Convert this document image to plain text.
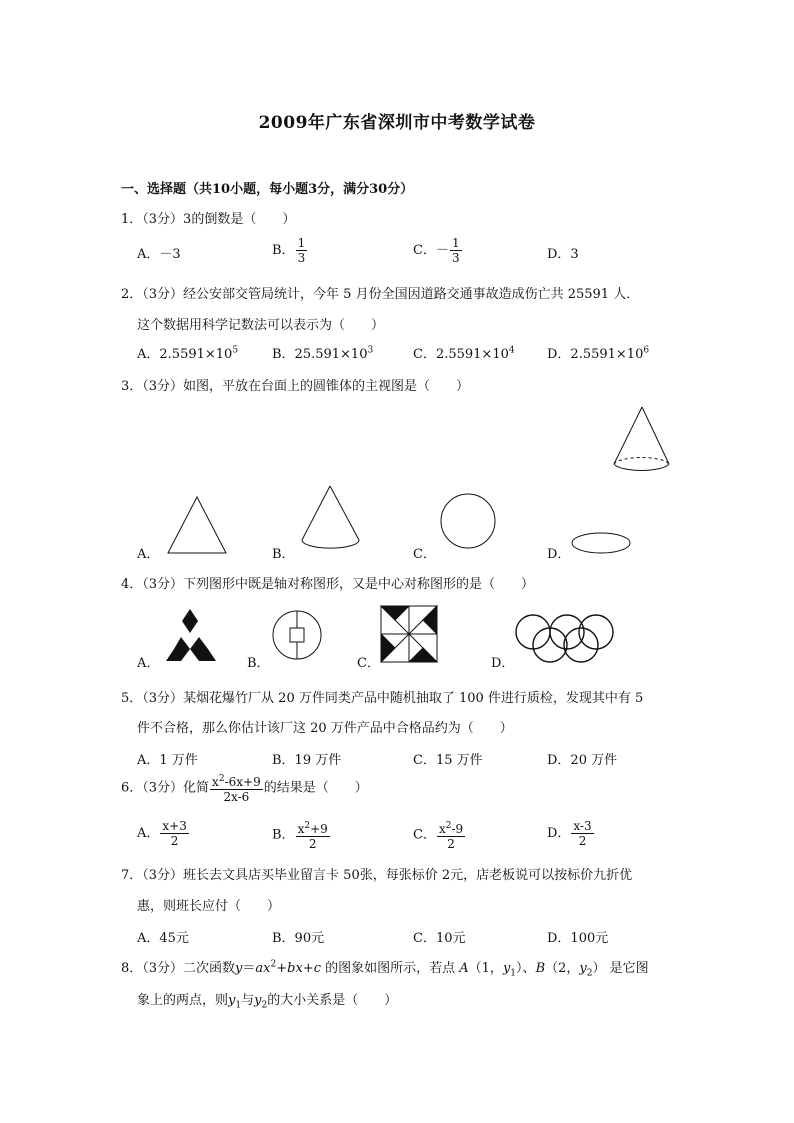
2009年广东省深圳市中考数学试卷
一、选择题（共10小题，每小题3分，满分30分）
1．（3分）3的倒数是（　　）
A．－3	B． $\frac{1}{3}$	C．－ $\frac{1}{3}$	D．3
2．（3分）经公安部交管局统计，今年 5 月份全国因道路交通事故造成伤亡共 25591 人．
这个数据用科学记数法可以表示为（　　）
A．$2.5591\times 10^5$	B．$25.591\times 10^3$	C．$2.5591\times 10^4$ D．$2.5591\times 10^6$
3．（3分）如图，平放在台面上的圆锥体的主视图是（　　）
A．	B．	C．	D．
4．（3分）下列图形中既是轴对称图形，又是中心对称图形的是（　　）
A．	B．	C．	D．
5．（3分）某烟花爆竹厂从 20 万件同类产品中随机抽取了 100 件进行质检，发现其中有 5
件不合格，那么你估计该厂这 20 万件产品中合格品约为（　　）
A．1 万件	B．19 万件	C．15 万件	D．20 万件
6．（3分）化简 $\frac{x^2-6x+9}{2x-6}$ 的结果是（　　）
A． $\frac{x+3}{2}$	B． $\frac{x^2+9}{2}$	C． $\frac{x^2-9}{2}$	D． $\frac{x-3}{2}$
7．（3分）班长去文具店买毕业留言卡 50张，每张标价 2元，店老板说可以按标价九折优
惠，则班长应付（　　）
A．45元	B．90元	C．10元	D．100元
8．（3分）二次函数$y=ax^2+bx+c$ 的图象如图所示，若点 A（1，$y_1$）、B（2，$y_2$） 是它图
象上的两点，则$y_1$与$y_2$的大小关系是（　　）
